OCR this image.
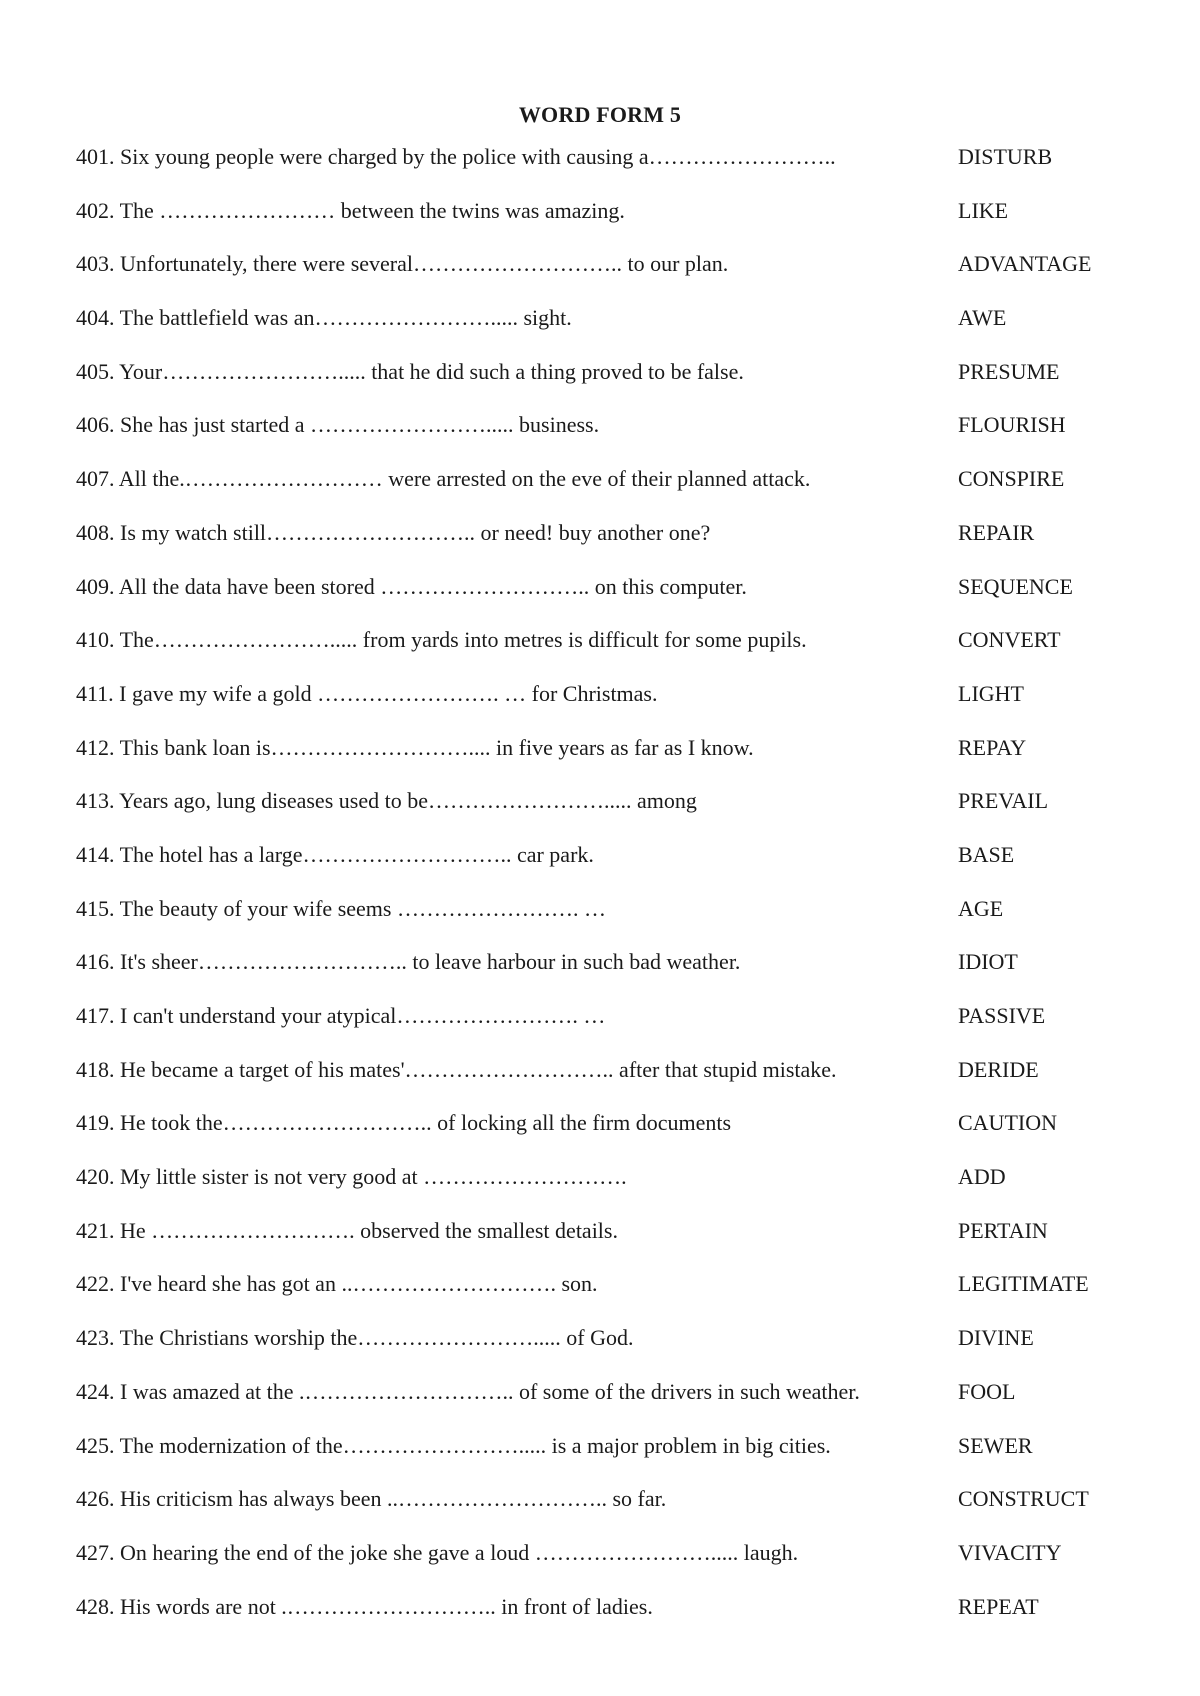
WORD FORM 5
401. Six young people were charged by the police with causing a……………………..	DISTURB
402. The …………………… between the twins was amazing.	LIKE
403. Unfortunately, there were several……………………….. to our plan.	ADVANTAGE
404. The battlefield was an……………………..... sight.	AWE
405. Your……………………..... that he did such a thing proved to be false.	PRESUME
406. She has just started a ……………………..... business.	FLOURISH
407. All the.……………………… were arrested on the eve of their planned attack.	CONSPIRE
408. Is my watch still……………………….. or need! buy another one?	REPAIR
409. All the data have been stored ……………………….. on this computer.	SEQUENCE
410. The……………………..... from yards into metres is difficult for some pupils.	CONVERT
411. I gave my wife a gold ……………………. … for Christmas.	LIGHT
412. This bank loan is……………………….... in five years as far as I know.	REPAY
413. Years ago, lung diseases used to be……………………..... among	PREVAIL
414. The hotel has a large……………………….. car park.	BASE
415. The beauty of your wife seems ……………………. …	AGE
416. It's sheer……………………….. to leave harbour in such bad weather.	IDIOT
417. I can't understand your atypical……………………. …	PASSIVE
418. He became a target of his mates'……………………….. after that stupid mistake.	DERIDE
419. He took the……………………….. of locking all the firm documents	CAUTION
420. My little sister is not very good at ……………………….	ADD
421. He ………………………. observed the smallest details.	PERTAIN
422. I've heard she has got an ..………………………. son.	LEGITIMATE
423. The Christians worship the……………………..... of God.	DIVINE
424. I was amazed at the .……………………….. of some of the drivers in such weather.	FOOL
425. The modernization of the……………………..... is a major problem in big cities.	SEWER
426. His criticism has always been ..……………………….. so far.	CONSTRUCT
427. On hearing the end of the joke she gave a loud ……………………..... laugh.	VIVACITY
428. His words are not .……………………….. in front of ladies.	REPEAT
